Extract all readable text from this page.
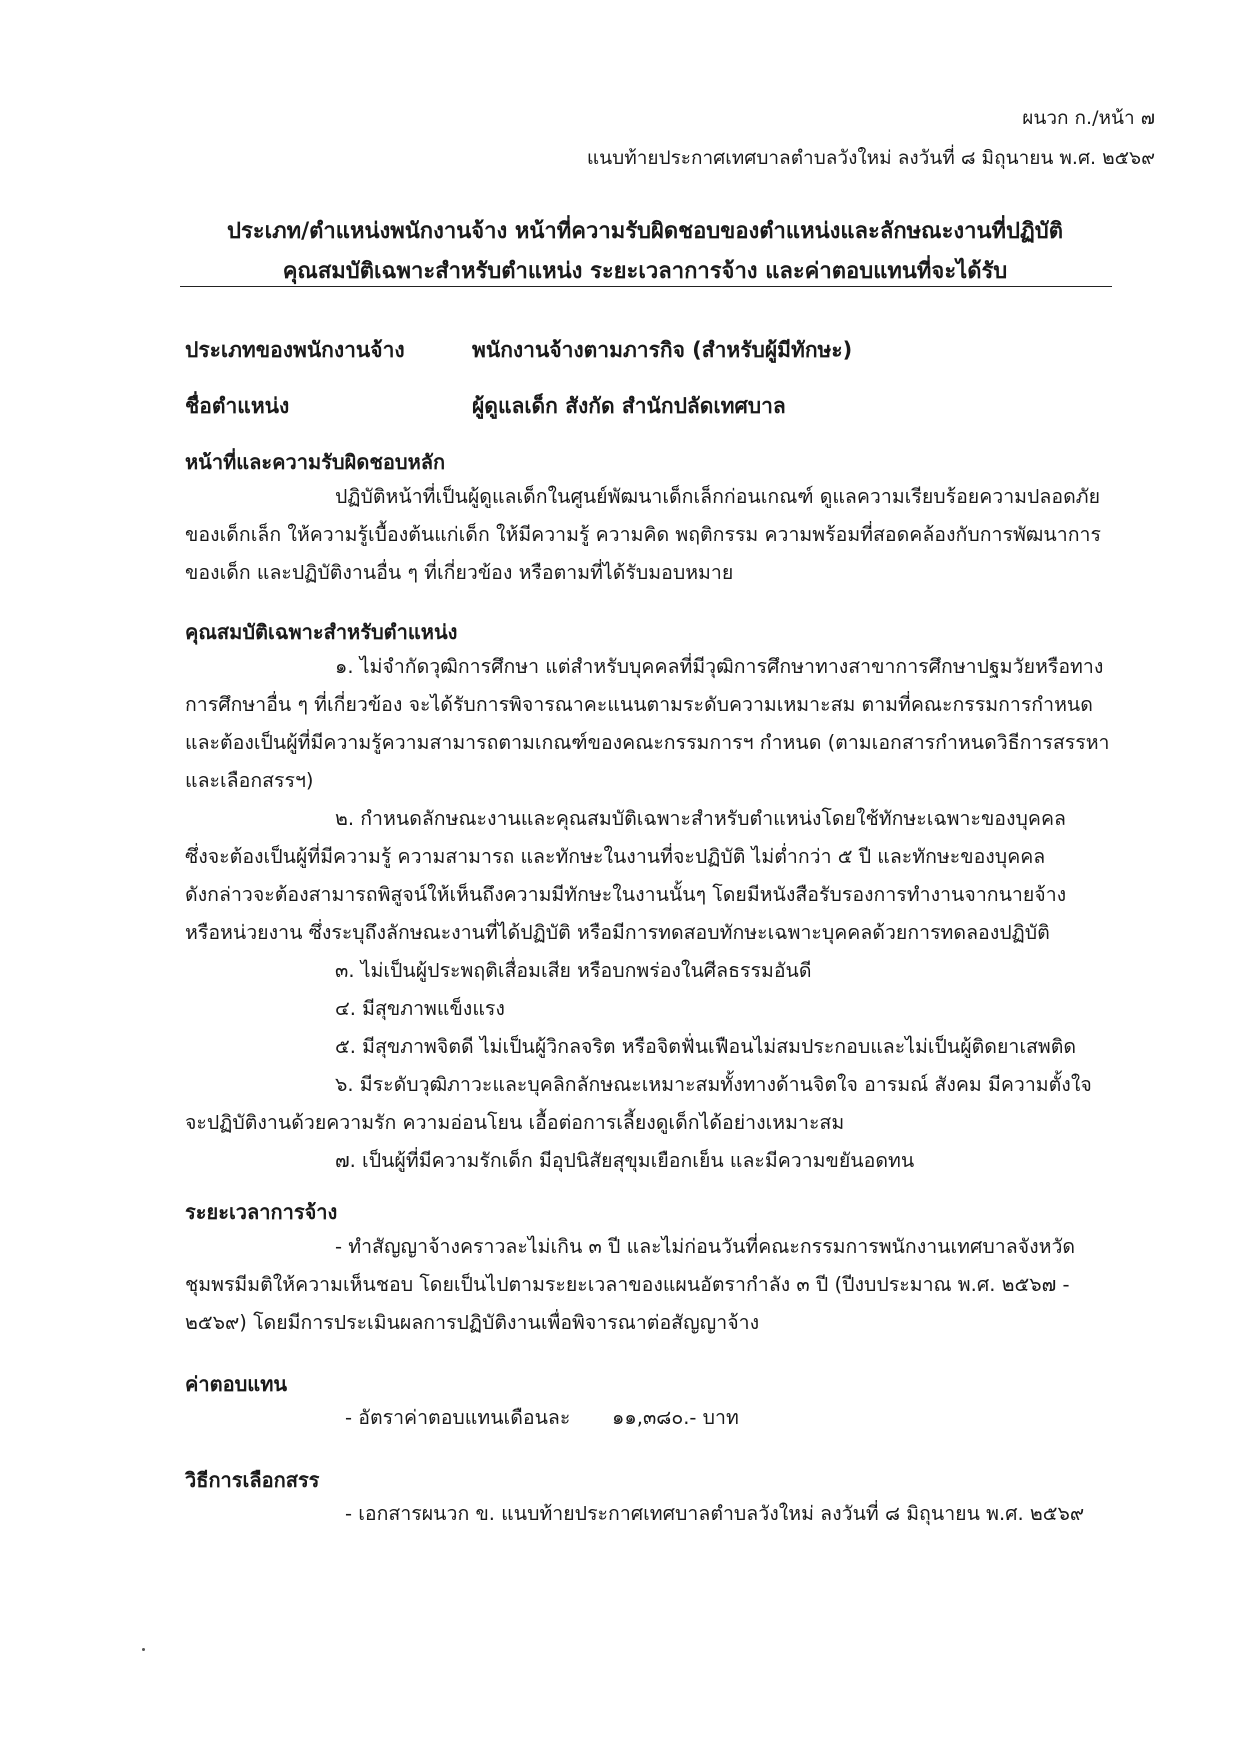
ผนวก ก./หน้า ๗
แนบท้ายประกาศเทศบาลตำบลวังใหม่ ลงวันที่ ๘ มิถุนายน พ.ศ. ๒๕๖๙
ประเภท/ตำแหน่งพนักงานจ้าง หน้าที่ความรับผิดชอบของตำแหน่งและลักษณะงานที่ปฏิบัติ
คุณสมบัติเฉพาะสำหรับตำแหน่ง ระยะเวลาการจ้าง และค่าตอบแทนที่จะได้รับ
ประเภทของพนักงานจ้าง	พนักงานจ้างตามภารกิจ (สำหรับผู้มีทักษะ)
ชื่อตำแหน่ง	ผู้ดูแลเด็ก สังกัด สำนักปลัดเทศบาล
หน้าที่และความรับผิดชอบหลัก
ปฏิบัติหน้าที่เป็นผู้ดูแลเด็กในศูนย์พัฒนาเด็กเล็กก่อนเกณฑ์ ดูแลความเรียบร้อยความปลอดภัย
ของเด็กเล็ก ให้ความรู้เบื้องต้นแก่เด็ก ให้มีความรู้ ความคิด พฤติกรรม ความพร้อมที่สอดคล้องกับการพัฒนาการ
ของเด็ก และปฏิบัติงานอื่น ๆ ที่เกี่ยวข้อง หรือตามที่ได้รับมอบหมาย
คุณสมบัติเฉพาะสำหรับตำแหน่ง
๑. ไม่จำกัดวุฒิการศึกษา แต่สำหรับบุคคลที่มีวุฒิการศึกษาทางสาขาการศึกษาปฐมวัยหรือทาง
การศึกษาอื่น ๆ ที่เกี่ยวข้อง จะได้รับการพิจารณาคะแนนตามระดับความเหมาะสม ตามที่คณะกรรมการกำหนด
และต้องเป็นผู้ที่มีความรู้ความสามารถตามเกณฑ์ของคณะกรรมการฯ กำหนด (ตามเอกสารกำหนดวิธีการสรรหา
และเลือกสรรฯ)
๒. กำหนดลักษณะงานและคุณสมบัติเฉพาะสำหรับตำแหน่งโดยใช้ทักษะเฉพาะของบุคคล
ซึ่งจะต้องเป็นผู้ที่มีความรู้ ความสามารถ และทักษะในงานที่จะปฏิบัติ ไม่ต่ำกว่า ๕ ปี และทักษะของบุคคล
ดังกล่าวจะต้องสามารถพิสูจน์ให้เห็นถึงความมีทักษะในงานนั้นๆ โดยมีหนังสือรับรองการทำงานจากนายจ้าง
หรือหน่วยงาน ซึ่งระบุถึงลักษณะงานที่ได้ปฏิบัติ หรือมีการทดสอบทักษะเฉพาะบุคคลด้วยการทดลองปฏิบัติ
๓. ไม่เป็นผู้ประพฤติเสื่อมเสีย หรือบกพร่องในศีลธรรมอันดี
๔. มีสุขภาพแข็งแรง
๕. มีสุขภาพจิตดี ไม่เป็นผู้วิกลจริต หรือจิตฟั่นเฟือนไม่สมประกอบและไม่เป็นผู้ติดยาเสพติด
๖. มีระดับวุฒิภาวะและบุคลิกลักษณะเหมาะสมทั้งทางด้านจิตใจ อารมณ์ สังคม มีความตั้งใจ
จะปฏิบัติงานด้วยความรัก ความอ่อนโยน เอื้อต่อการเลี้ยงดูเด็กได้อย่างเหมาะสม
๗. เป็นผู้ที่มีความรักเด็ก มีอุปนิสัยสุขุมเยือกเย็น และมีความขยันอดทน
ระยะเวลาการจ้าง
- ทำสัญญาจ้างคราวละไม่เกิน ๓ ปี และไม่ก่อนวันที่คณะกรรมการพนักงานเทศบาลจังหวัด
ชุมพรมีมติให้ความเห็นชอบ โดยเป็นไปตามระยะเวลาของแผนอัตรากำลัง ๓ ปี (ปีงบประมาณ พ.ศ. ๒๕๖๗ -
๒๕๖๙) โดยมีการประเมินผลการปฏิบัติงานเพื่อพิจารณาต่อสัญญาจ้าง
ค่าตอบแทน
- อัตราค่าตอบแทนเดือนละ ๑๑,๓๘๐.- บาท
วิธีการเลือกสรร
- เอกสารผนวก ข. แนบท้ายประกาศเทศบาลตำบลวังใหม่ ลงวันที่ ๘ มิถุนายน พ.ศ. ๒๕๖๙
